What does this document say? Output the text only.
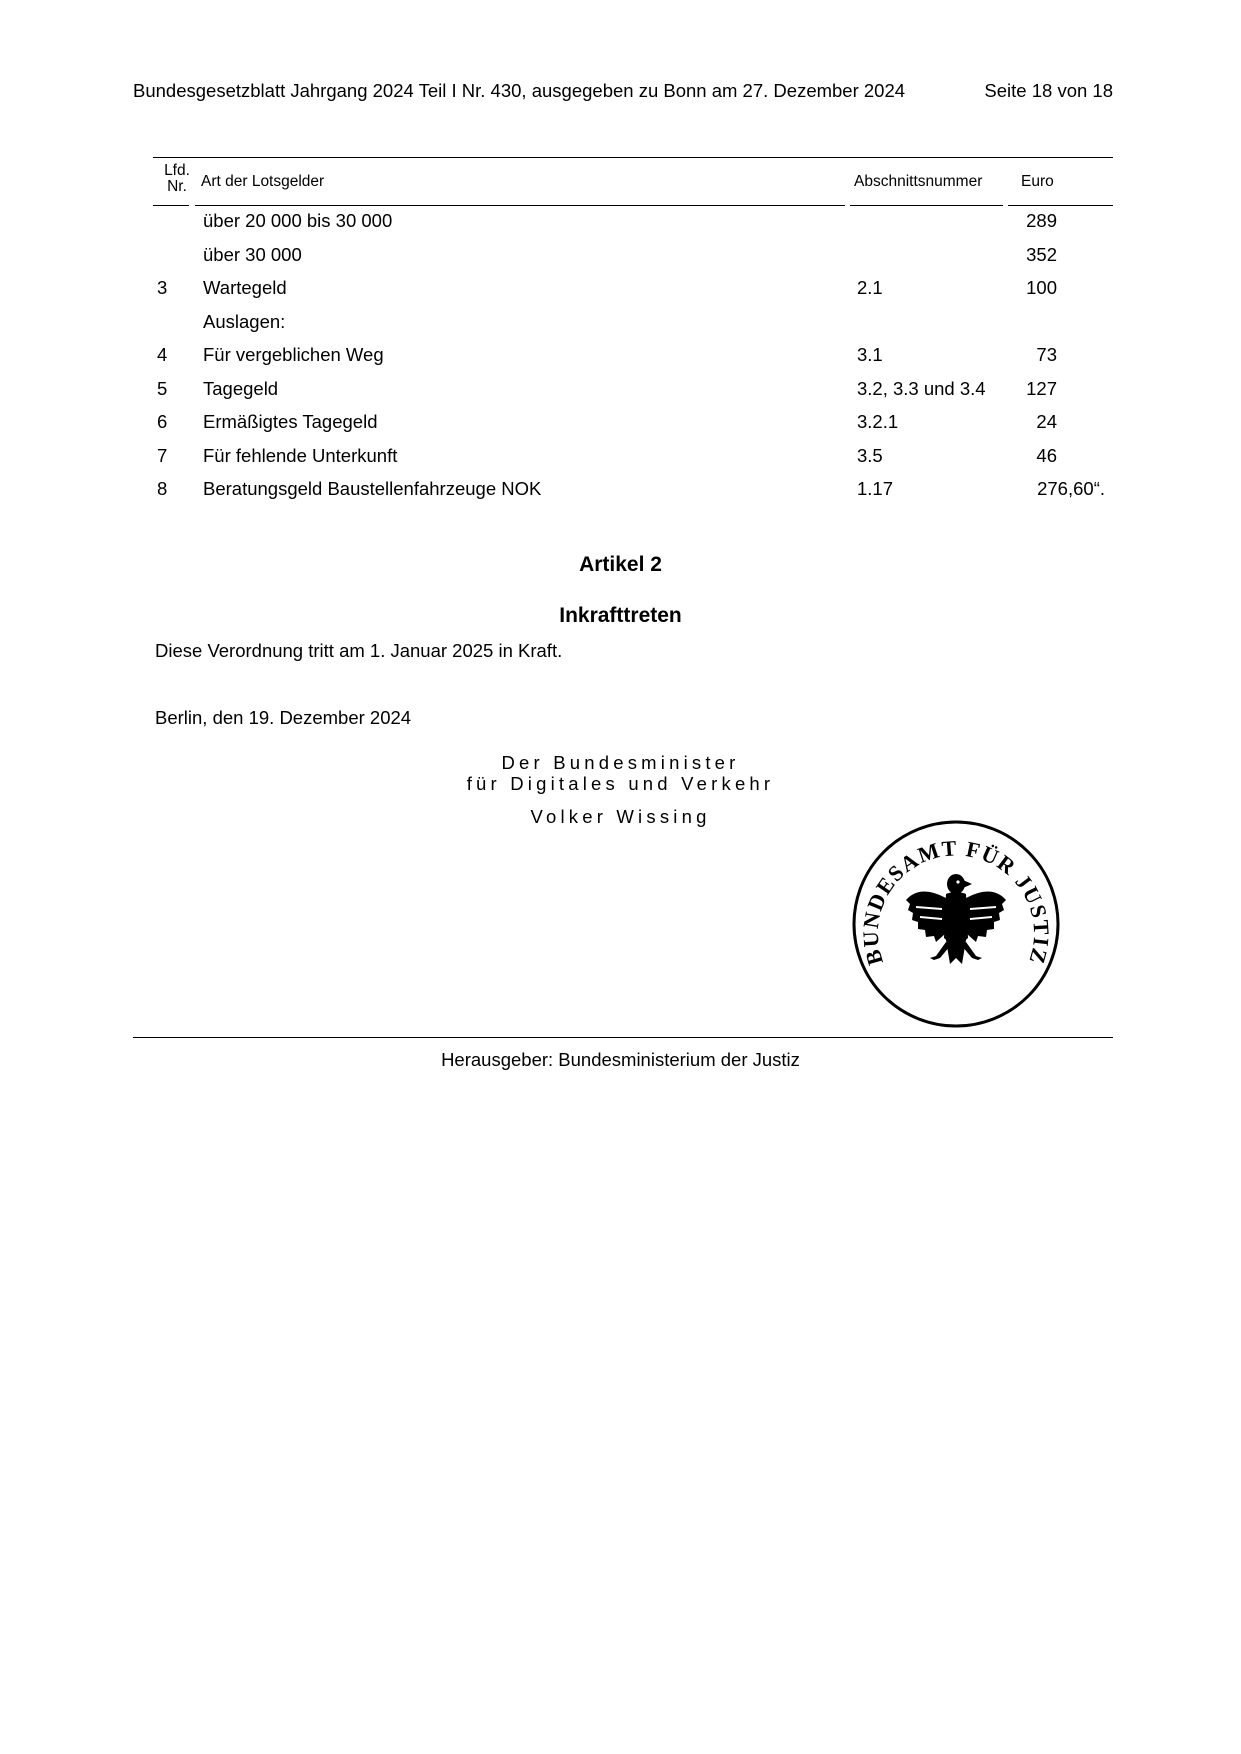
Bundesgesetzblatt Jahrgang 2024 Teil I Nr. 430, ausgegeben zu Bonn am 27. Dezember 2024	Seite 18 von 18
Lfd.
Nr. Art der Lotsgelder	Abschnittsnummer Euro
über 20 000 bis 30 000	289
über 30 000	352
3 Wartegeld	2.1	100
Auslagen:
4 Für vergeblichen Weg	3.1	73
5 Tagegeld	3.2, 3.3 und 3.4 127
6 Ermäßigtes Tagegeld	3.2.1	24
7 Für fehlende Unterkunft	3.5	46
8 Beratungsgeld Baustellenfahrzeuge NOK	1.17	276,60“.
Artikel 2
Inkrafttreten
Diese Verordnung tritt am 1. Januar 2025 in Kraft.
Berlin, den 19. Dezember 2024
Der Bundesminister
für Digitales und Verkehr
Volker Wissing
BUNDESAMT FÜR JUSTIZ
Herausgeber: Bundesministerium der Justiz
